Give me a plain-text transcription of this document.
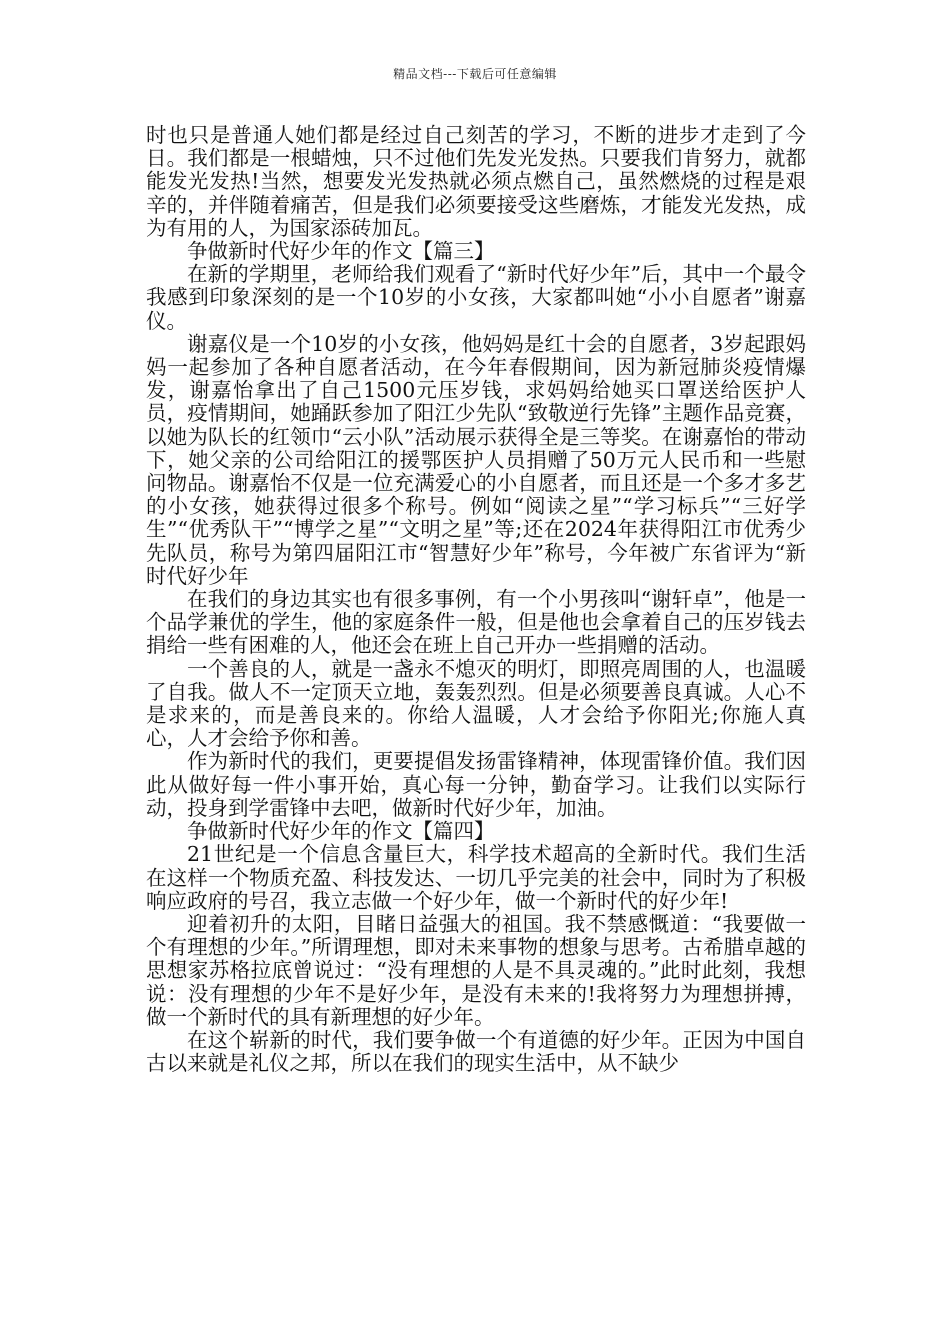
精品文档---下载后可任意编辑

时也只是普通人她们都是经过自己刻苦的学习，不断的进步才走到了今日。我们都是一根蜡烛，只不过他们先发光发热。只要我们肯努力，就都能发光发热!当然，想要发光发热就必须点燃自己，虽然燃烧的过程是艰辛的，并伴随着痛苦，但是我们必须要接受这些磨炼，才能发光发热，成为有用的人，为国家添砖加瓦。

争做新时代好少年的作文【篇三】

在新的学期里，老师给我们观看了“新时代好少年”后，其中一个最令我感到印象深刻的是一个10岁的小女孩，大家都叫她“小小自愿者”谢嘉仪。

谢嘉仪是一个10岁的小女孩，他妈妈是红十会的自愿者，3岁起跟妈妈一起参加了各种自愿者活动，在今年春假期间，因为新冠肺炎疫情爆发，谢嘉怡拿出了自己1500元压岁钱，求妈妈给她买口罩送给医护人员，疫情期间，她踊跃参加了阳江少先队“致敬逆行先锋”主题作品竞赛，以她为队长的红领巾“云小队”活动展示获得全是三等奖。在谢嘉怡的带动下，她父亲的公司给阳江的援鄂医护人员捐赠了50万元人民币和一些慰问物品。谢嘉怡不仅是一位充满爱心的小自愿者，而且还是一个多才多艺的小女孩，她获得过很多个称号。例如“阅读之星”“学习标兵”“三好学生”“优秀队干”“博学之星”“文明之星”等;还在2024年获得阳江市优秀少先队员，称号为第四届阳江市“智慧好少年”称号，今年被广东省评为“新时代好少年

在我们的身边其实也有很多事例，有一个小男孩叫“谢轩卓”，他是一个品学兼优的学生，他的家庭条件一般，但是他也会拿着自己的压岁钱去捐给一些有困难的人，他还会在班上自己开办一些捐赠的活动。

一个善良的人，就是一盏永不熄灭的明灯，即照亮周围的人，也温暖了自我。做人不一定顶天立地，轰轰烈烈。但是必须要善良真诚。人心不是求来的，而是善良来的。你给人温暖，人才会给予你阳光;你施人真心，人才会给予你和善。

作为新时代的我们，更要提倡发扬雷锋精神，体现雷锋价值。我们因此从做好每一件小事开始，真心每一分钟，勤奋学习。让我们以实际行动，投身到学雷锋中去吧，做新时代好少年，加油。

争做新时代好少年的作文【篇四】

21世纪是一个信息含量巨大，科学技术超高的全新时代。我们生活在这样一个物质充盈、科技发达、一切几乎完美的社会中，同时为了积极响应政府的号召，我立志做一个好少年，做一个新时代的好少年!

迎着初升的太阳，目睹日益强大的祖国。我不禁感慨道：“我要做一个有理想的少年。”所谓理想，即对未来事物的想象与思考。古希腊卓越的思想家苏格拉底曾说过：“没有理想的人是不具灵魂的。”此时此刻，我想说：没有理想的少年不是好少年，是没有未来的!我将努力为理想拼搏，做一个新时代的具有新理想的好少年。

在这个崭新的时代，我们要争做一个有道德的好少年。正因为中国自古以来就是礼仪之邦，所以在我们的现实生活中，从不缺少
